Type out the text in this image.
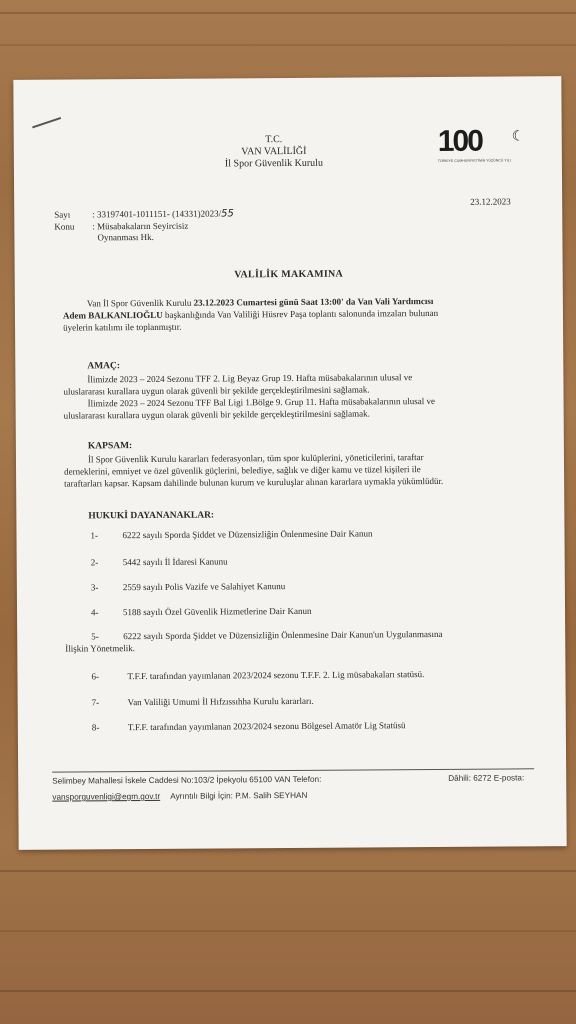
T.C.
VAN VALİLİĞİ
İl Spor Güvenlik Kurulu
100
TÜRKİYE CUMHURİYETİNİN YÜZÜNCÜ YILI
☾
Sayı : 33197401-1011151- (14331)2023/55
Konu : Müsabakaların Seyircisiz
Oynanması Hk.
23.12.2023
VALİLİK MAKAMINA
Van İl Spor Güvenlik Kurulu 23.12.2023 Cumartesi günü Saat 13:00' da Van Vali Yardımcısı
Adem BALKANLIOĞLU başkanlığında Van Valiliği Hüsrev Paşa toplantı salonunda imzaları bulunan
üyelerin katılımı ile toplanmıştır.
AMAÇ:
İlimizde 2023 – 2024 Sezonu TFF 2. Lig Beyaz Grup 19. Hafta müsabakalarının ulusal ve
uluslararası kurallara uygun olarak güvenli bir şekilde gerçekleştirilmesini sağlamak.
İlimizde 2023 – 2024 Sezonu TFF Bal Ligi 1.Bölge 9. Grup 11. Hafta müsabakalarının ulusal ve
uluslararası kurallara uygun olarak güvenli bir şekilde gerçekleştirilmesini sağlamak.
KAPSAM:
İl Spor Güvenlik Kurulu kararları federasyonları, tüm spor kulüplerini, yöneticilerini, taraftar
derneklerini, emniyet ve özel güvenlik güçlerini, belediye, sağlık ve diğer kamu ve tüzel kişileri ile
taraftarları kapsar. Kapsam dahilinde bulunan kurum ve kuruluşlar alınan kararlara uymakla yükümlüdür.
HUKUKİ DAYANANAKLAR:
1-	6222 sayılı Sporda Şiddet ve Düzensizliğin Önlenmesine Dair Kanun
2-	5442 sayılı İl İdaresi Kanunu
3-	2559 sayılı Polis Vazife ve Salahiyet Kanunu
4-	5188 sayılı Özel Güvenlik Hizmetlerine Dair Kanun
5-	6222 sayılı Sporda Şiddet ve Düzensizliğin Önlenmesine Dair Kanun'un Uygulanmasına
İlişkin Yönetmelik.
6-	T.F.F. tarafından yayımlanan 2023/2024 sezonu T.F.F. 2. Lig müsabakaları statüsü.
7-	Van Valiliği Umumi İl Hıfzıssıhha Kurulu kararları.
8-	T.F.F. tarafından yayımlanan 2023/2024 sezonu Bölgesel Amatör Lig Statüsü
Selimbey Mahallesi İskele Caddesi No:103/2 İpekyolu 65100 VAN Telefon:	Dâhili: 6272 E-posta:
vansporguvenligi@egm.gov.tr Ayrıntılı Bilgi İçin: P.M. Salih SEYHAN
